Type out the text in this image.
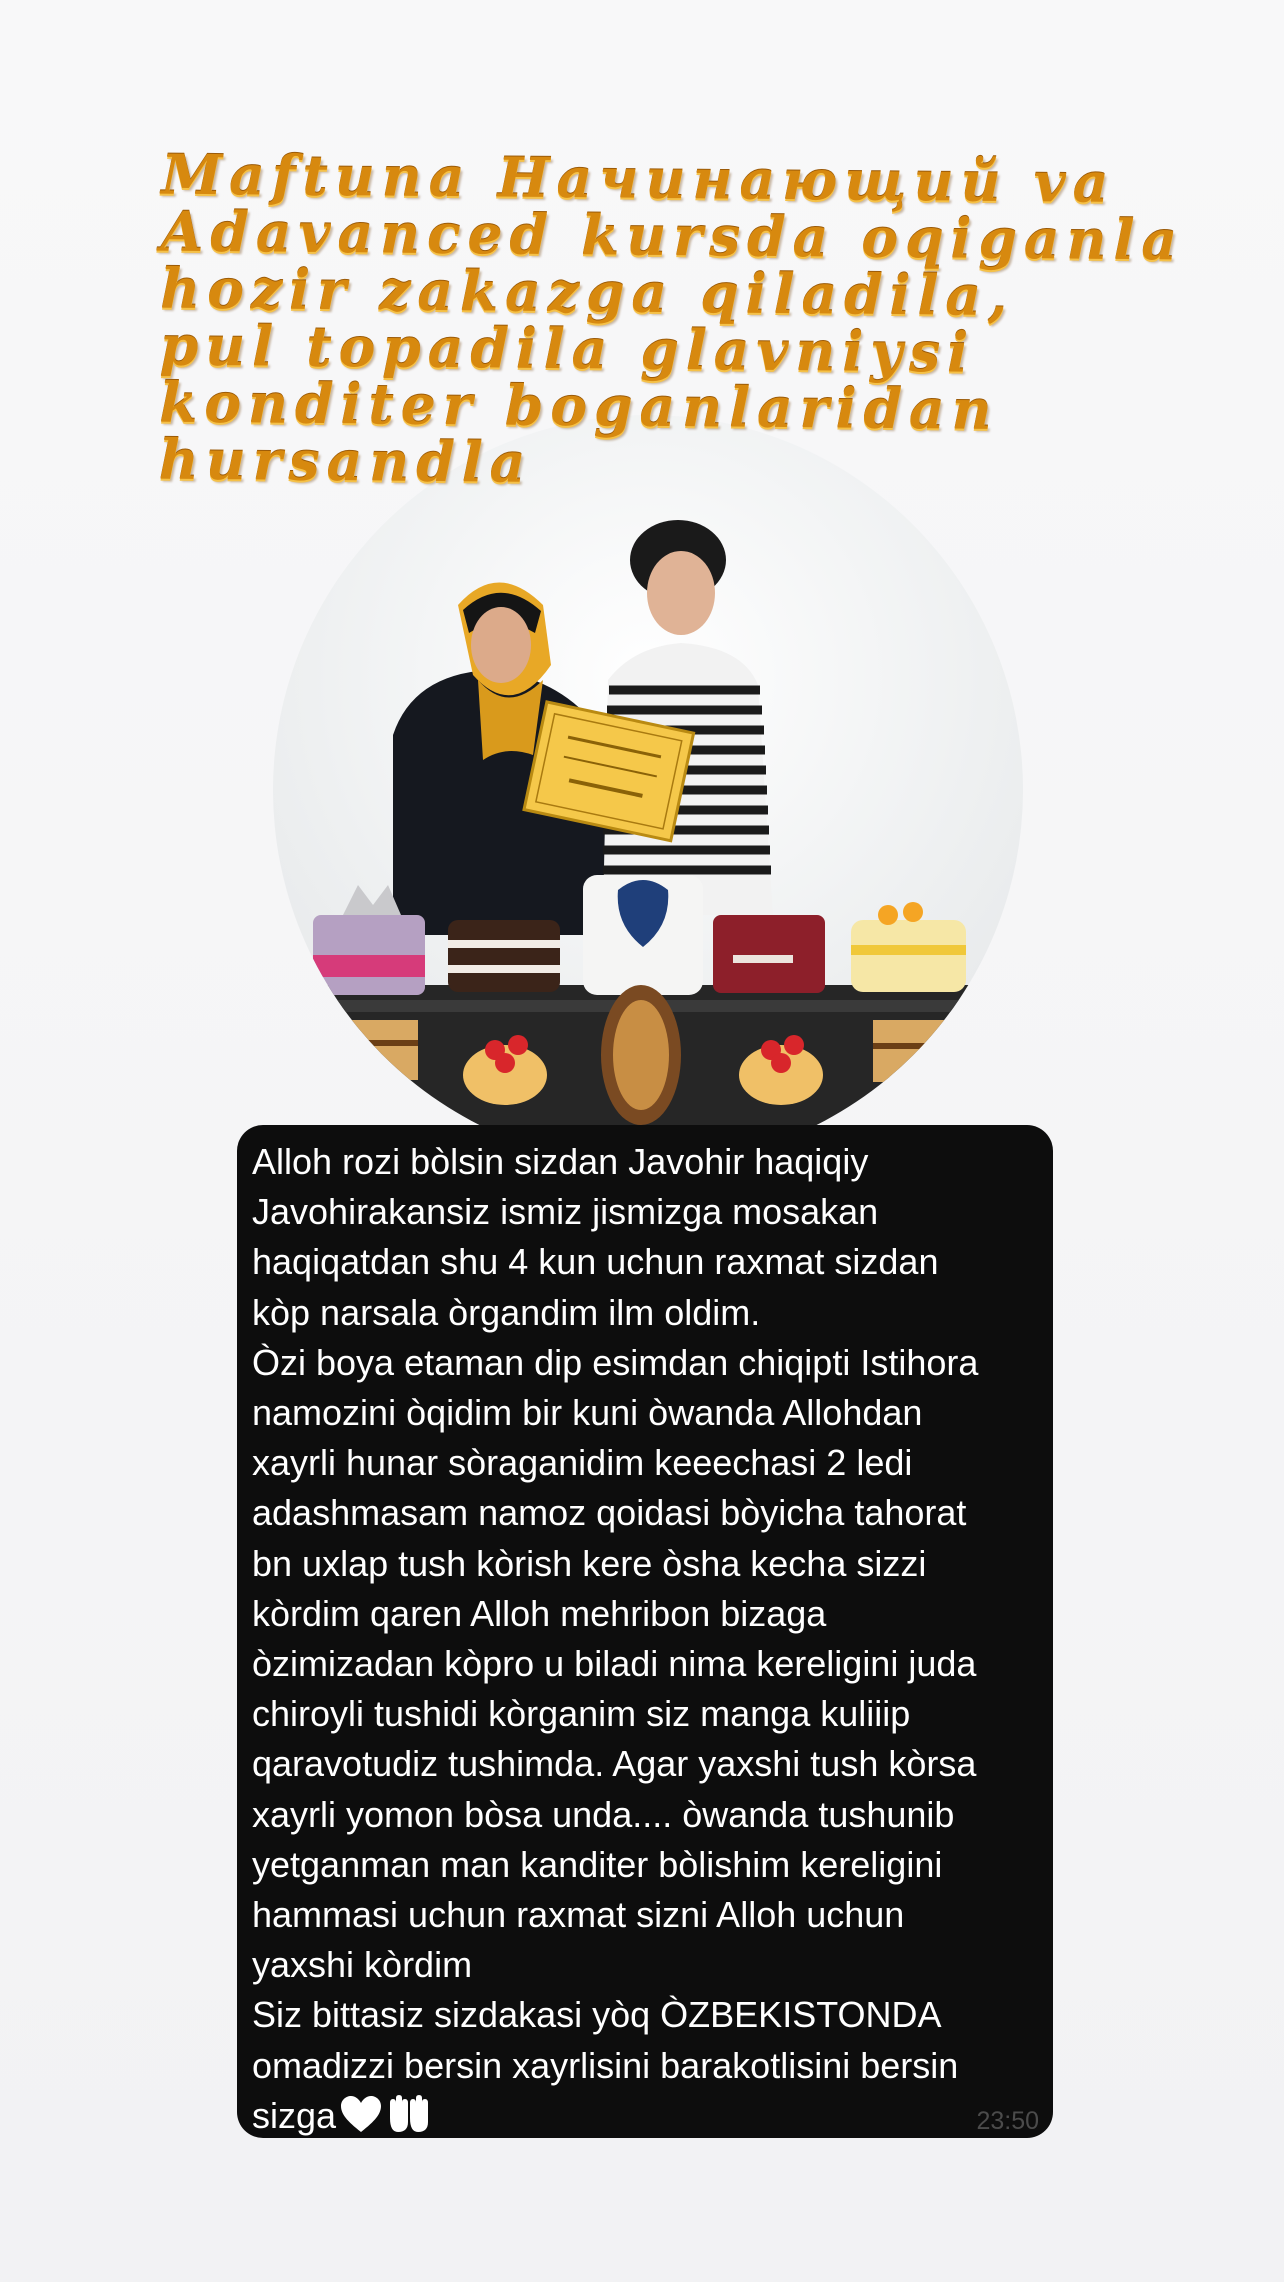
Maftuna Начинающий va
Adavanced kursda oqiganla
hozir zakazga qiladila,
pul topadila glavniysi
konditer boganlaridan
hursandla

Alloh rozi bòlsin sizdan Javohir haqiqiy
Javohirakansiz ismiz jismizga mosakan
haqiqatdan shu 4 kun uchun raxmat sizdan
kòp narsala òrgandim ilm oldim.
Òzi boya etaman dip esimdan chiqipti Istihora
namozini òqidim bir kuni òwanda Allohdan
xayrli hunar sòraganidim keeechasi 2 ledi
adashmasam namoz qoidasi bòyicha tahorat
bn uxlap tush kòrish kere òsha kecha sizzi
kòrdim qaren Alloh mehribon bizaga
òzimizadan kòpro u biladi nima kereligini juda
chiroyli tushidi kòrganim siz manga kuliiip
qaravotudiz tushimda. Agar yaxshi tush kòrsa
xayrli yomon bòsa unda.... òwanda tushunib
yetganman man kanditer bòlishim kereligini
hammasi uchun raxmat sizni Alloh uchun
yaxshi kòrdim
Siz bittasiz sizdakasi yòq ÒZBEKISTONDA
omadizzi bersin xayrlisini barakotlisini bersin
sizga	23:50
